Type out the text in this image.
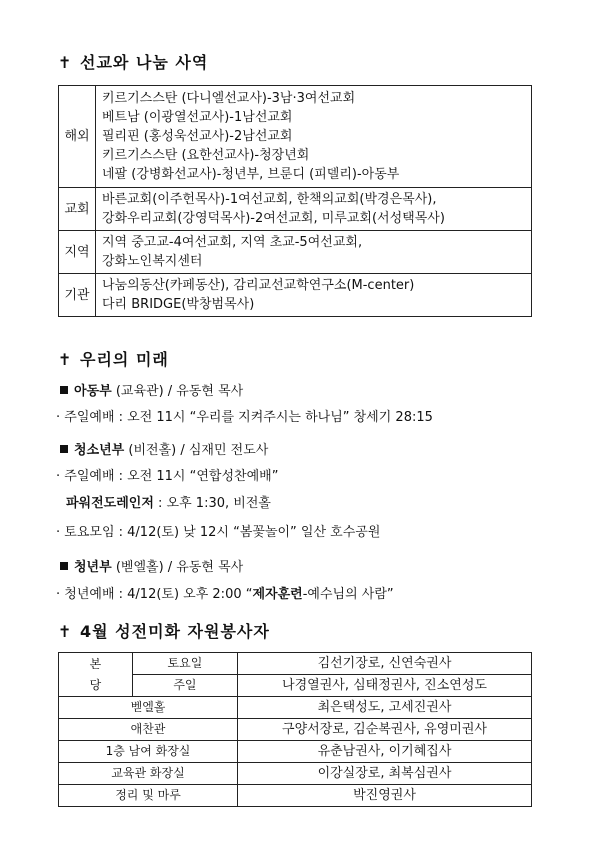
✝ 선교와 나눔 사역
해외	키르기스스탄 (다니엘선교사)-3남·3여선교회
베트남 (이광열선교사)-1남선교회
필리핀 (홍성욱선교사)-2남선교회
키르기스스탄 (요한선교사)-청장년회
네팔 (강병화선교사)-청년부, 브룬디 (피델리)-아동부

교회	바른교회(이주헌목사)-1여선교회, 한책의교회(박경은목사),
강화우리교회(강영덕목사)-2여선교회, 미루교회(서성택목사)

지역	지역 중고교-4여선교회, 지역 초교-5여선교회,
강화노인복지센터

기관	나눔의동산(카페동산), 감리교선교학연구소(M-center)
다리 BRIDGE(박창범목사)
✝ 우리의 미래
아동부 (교육관) / 유동현 목사
· 주일예배 : 오전 11시 “우리를 지켜주시는 하나님” 창세기 28:15
청소년부 (비전홀) / 심재민 전도사
· 주일예배 : 오전 11시 “연합성찬예배”
파워전도레인저 : 오후 1:30, 비전홀
· 토요모임 : 4/12(토) 낮 12시 “봄꽃놀이” 일산 호수공원
청년부 (벧엘홀) / 유동현 목사
· 청년예배 : 4/12(토) 오후 2:00 “제자훈련-예수님의 사람”
✝ 4월 성전미화 자원봉사자
본
당	토요일	김선기장로, 신연숙권사
	주일	나경열권사, 심태정권사, 진소연성도
벧엘홀		최은택성도, 고세진권사
애찬관		구양서장로, 김순복권사, 유영미권사
1층 남여 화장실		유춘남권사, 이기혜집사
교육관 화장실		이강실장로, 최복심권사
정리 및 마루		박진영권사
